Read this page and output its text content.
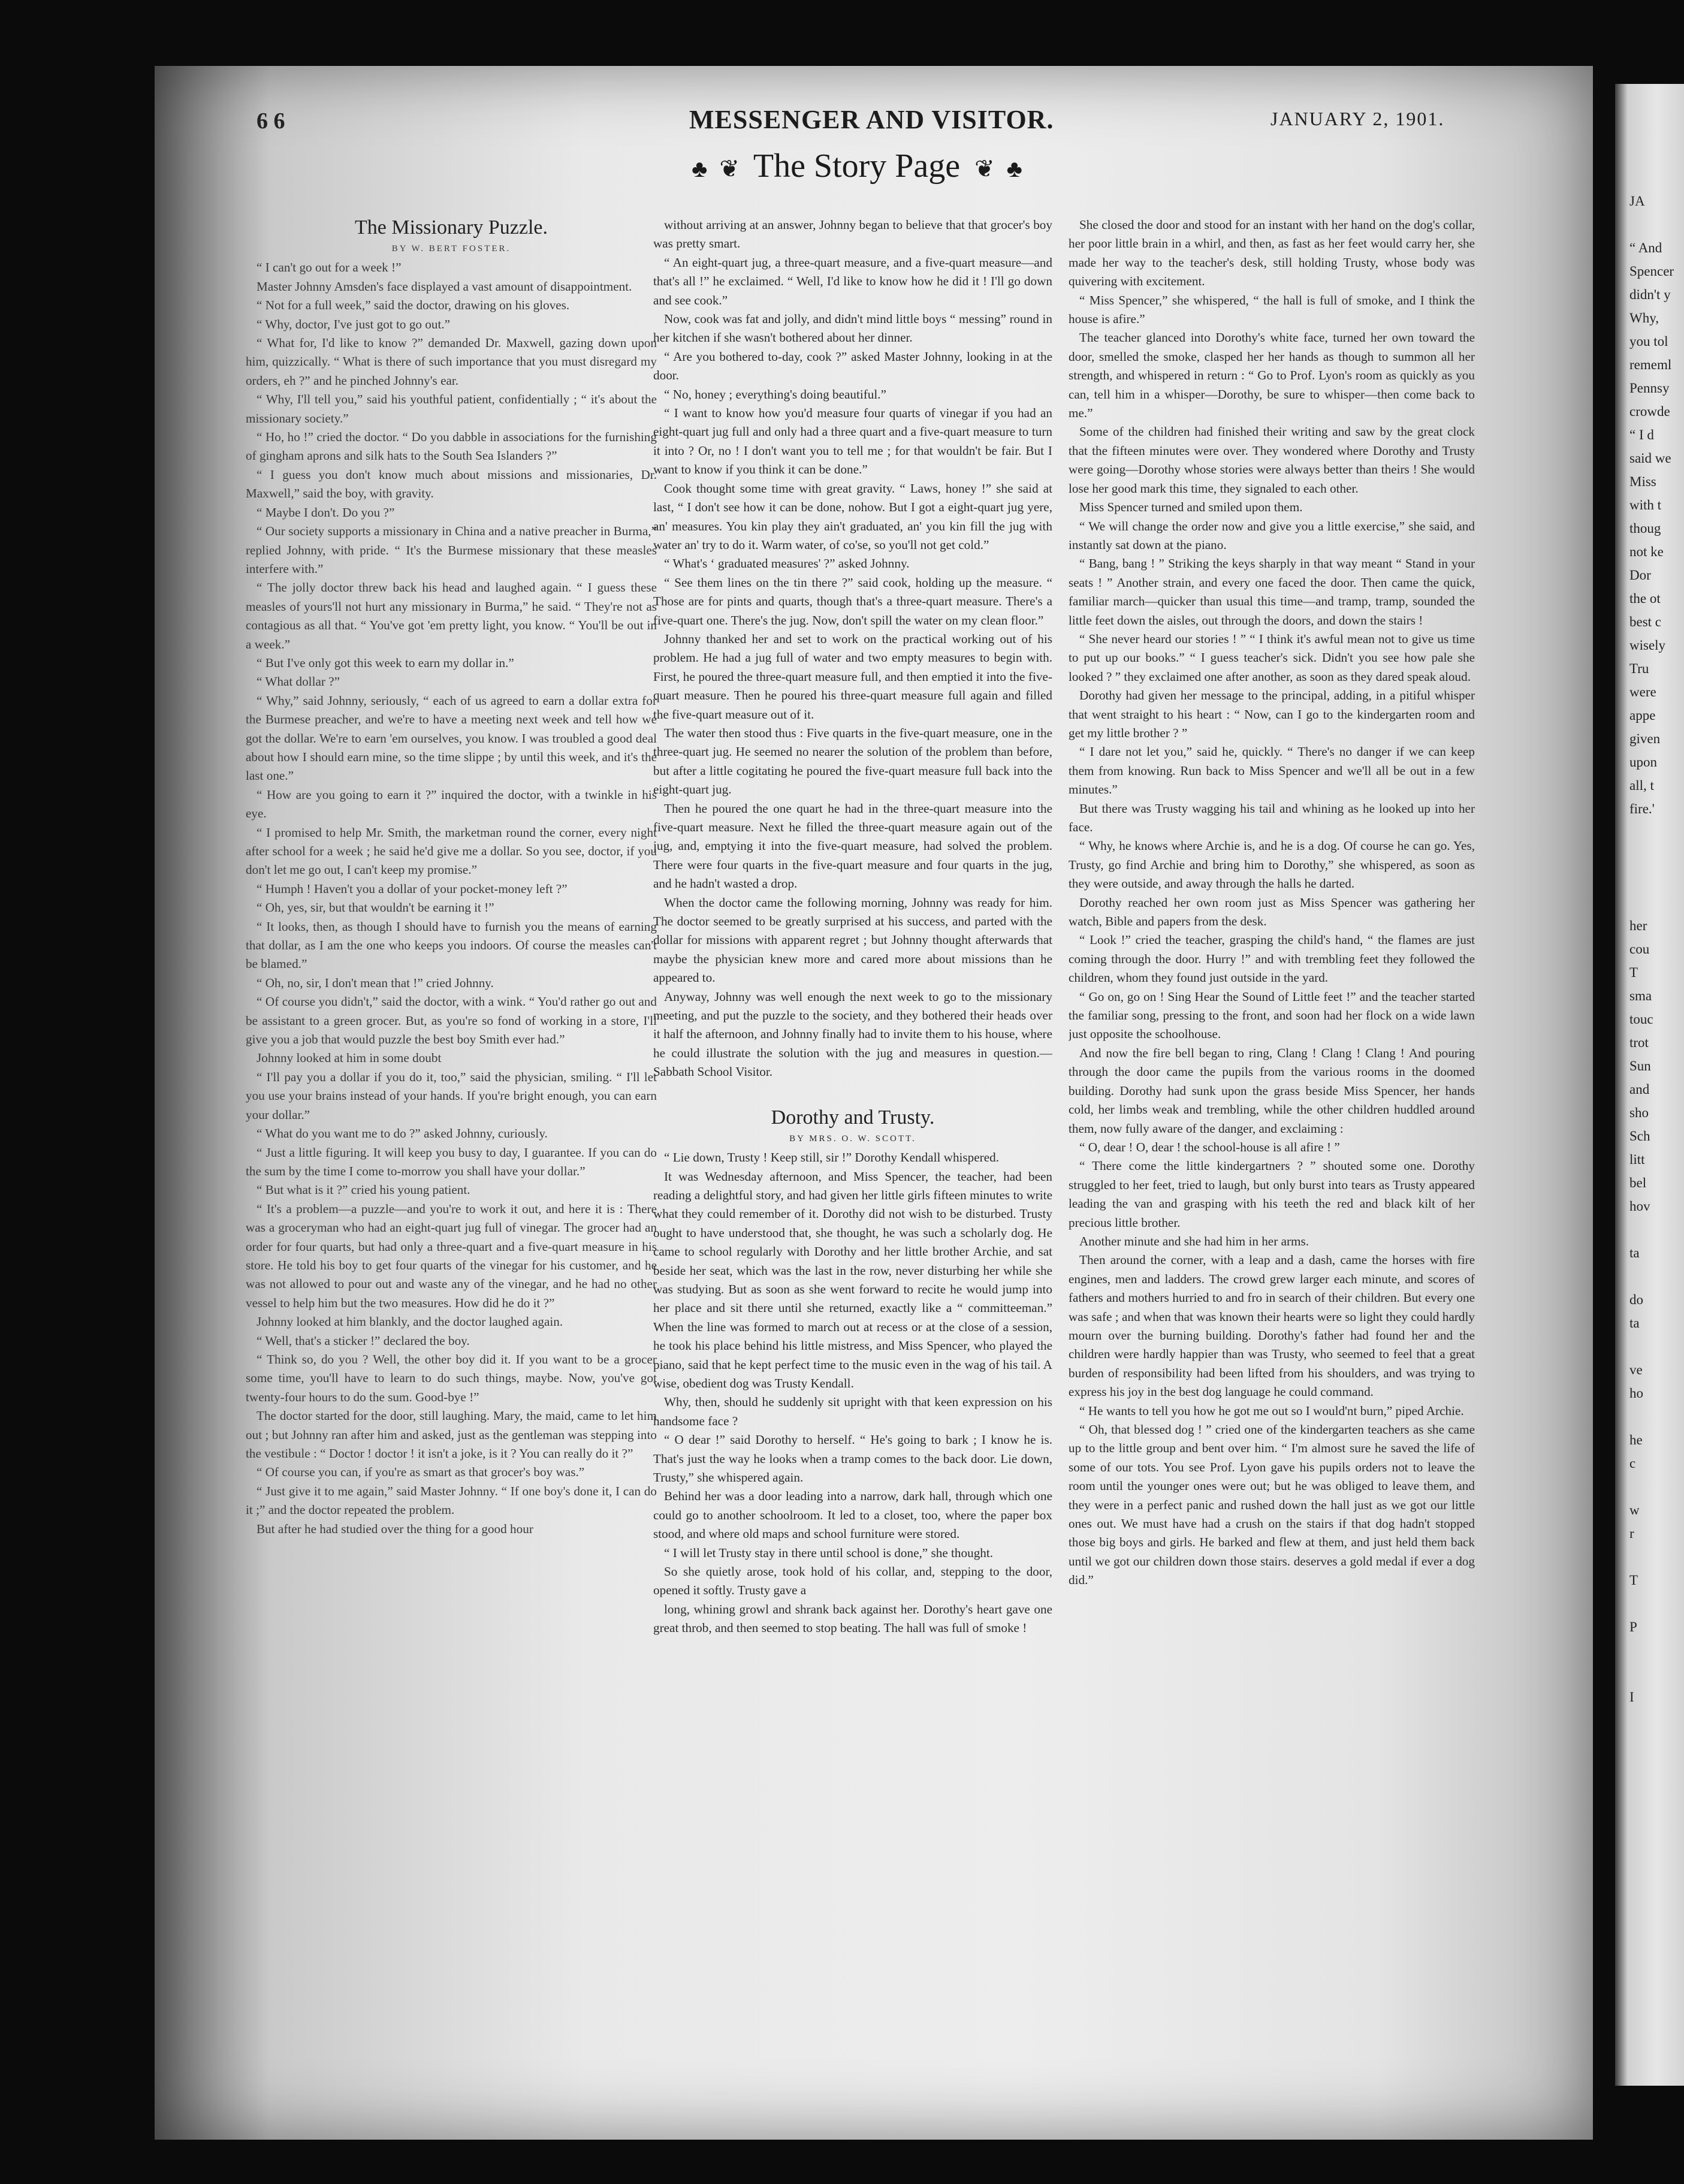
6 6	MESSENGER AND VISITOR.	JANUARY 2, 1901.
♣ ❦ The Story Page ❦ ♣

The Missionary Puzzle.

BY W. BERT FOSTER.

“ I can't go out for a week !”

Master Johnny Amsden's face displayed a vast amount of disappointment.

“ Not for a full week,” said the doctor, drawing on his gloves.

“ Why, doctor, I've just got to go out.”

“ What for, I'd like to know ?” demanded Dr. Maxwell, gazing down upon him, quizzically. “ What is there of such importance that you must disregard my orders, eh ?” and he pinched Johnny's ear.

“ Why, I'll tell you,” said his youthful patient, confidentially ; “ it's about the missionary society.”

“ Ho, ho !” cried the doctor. “ Do you dabble in associations for the furnishing of gingham aprons and silk hats to the South Sea Islanders ?”

“ I guess you don't know much about missions and missionaries, Dr. Maxwell,” said the boy, with gravity.

“ Maybe I don't. Do you ?”

“ Our society supports a missionary in China and a native preacher in Burma,” replied Johnny, with pride. “ It's the Burmese missionary that these measles interfere with.”

“ The jolly doctor threw back his head and laughed again. “ I guess these measles of yours'll not hurt any missionary in Burma,” he said. “ They're not as contagious as all that. “ You've got 'em pretty light, you know. “ You'll be out in a week.”

“ But I've only got this week to earn my dollar in.”

“ What dollar ?”

“ Why,” said Johnny, seriously, “ each of us agreed to earn a dollar extra for the Burmese preacher, and we're to have a meeting next week and tell how we got the dollar. We're to earn 'em ourselves, you know. I was troubled a good deal about how I should earn mine, so the time slippe ; by until this week, and it's the last one.”

“ How are you going to earn it ?” inquired the doctor, with a twinkle in his eye.

“ I promised to help Mr. Smith, the marketman round the corner, every night after school for a week ; he said he'd give me a dollar. So you see, doctor, if you don't let me go out, I can't keep my promise.”

“ Humph ! Haven't you a dollar of your pocket-money left ?”

“ Oh, yes, sir, but that wouldn't be earning it !”

“ It looks, then, as though I should have to furnish you the means of earning that dollar, as I am the one who keeps you indoors. Of course the measles can't be blamed.”

“ Oh, no, sir, I don't mean that !” cried Johnny.

“ Of course you didn't,” said the doctor, with a wink. “ You'd rather go out and be assistant to a green grocer. But, as you're so fond of working in a store, I'll give you a job that would puzzle the best boy Smith ever had.”

Johnny looked at him in some doubt

“ I'll pay you a dollar if you do it, too,” said the physician, smiling. “ I'll let you use your brains instead of your hands. If you're bright enough, you can earn your dollar.”

“ What do you want me to do ?” asked Johnny, curiously.

“ Just a little figuring. It will keep you busy to day, I guarantee. If you can do the sum by the time I come to-morrow you shall have your dollar.”

“ But what is it ?” cried his young patient.

“ It's a problem—a puzzle—and you're to work it out, and here it is : There was a groceryman who had an eight-quart jug full of vinegar. The grocer had an order for four quarts, but had only a three-quart and a five-quart measure in his store. He told his boy to get four quarts of the vinegar for his customer, and he was not allowed to pour out and waste any of the vinegar, and he had no other vessel to help him but the two measures. How did he do it ?”

Johnny looked at him blankly, and the doctor laughed again.

“ Well, that's a sticker !” declared the boy.

“ Think so, do you ? Well, the other boy did it. If you want to be a grocer some time, you'll have to learn to do such things, maybe. Now, you've got twenty-four hours to do the sum. Good-bye !”

The doctor started for the door, still laughing. Mary, the maid, came to let him out ; but Johnny ran after him and asked, just as the gentleman was stepping into the vestibule : “ Doctor ! doctor ! it isn't a joke, is it ? You can really do it ?”

“ Of course you can, if you're as smart as that grocer's boy was.”

“ Just give it to me again,” said Master Johnny. “ If one boy's done it, I can do it ;” and the doctor repeated the problem.

But after he had studied over the thing for a good hour

without arriving at an answer, Johnny began to believe that that grocer's boy was pretty smart.

“ An eight-quart jug, a three-quart measure, and a five-quart measure—and that's all !” he exclaimed. “ Well, I'd like to know how he did it ! I'll go down and see cook.”

Now, cook was fat and jolly, and didn't mind little boys “ messing” round in her kitchen if she wasn't bothered about her dinner.

“ Are you bothered to-day, cook ?” asked Master Johnny, looking in at the door.

“ No, honey ; everything's doing beautiful.”

“ I want to know how you'd measure four quarts of vinegar if you had an eight-quart jug full and only had a three quart and a five-quart measure to turn it into ? Or, no ! I don't want you to tell me ; for that wouldn't be fair. But I want to know if you think it can be done.”

Cook thought some time with great gravity. “ Laws, honey !” she said at last, “ I don't see how it can be done, nohow. But I got a eight-quart jug yere, an' measures. You kin play they ain't graduated, an' you kin fill the jug with water an' try to do it. Warm water, of co'se, so you'll not get cold.”

“ What's ‘ graduated measures' ?” asked Johnny.

“ See them lines on the tin there ?” said cook, holding up the measure. “ Those are for pints and quarts, though that's a three-quart measure. There's a five-quart one. There's the jug. Now, don't spill the water on my clean floor.”

Johnny thanked her and set to work on the practical working out of his problem. He had a jug full of water and two empty measures to begin with. First, he poured the three-quart measure full, and then emptied it into the five-quart measure. Then he poured his three-quart measure full again and filled the five-quart measure out of it.

The water then stood thus : Five quarts in the five-quart measure, one in the three-quart jug. He seemed no nearer the solution of the problem than before, but after a little cogitating he poured the five-quart measure full back into the eight-quart jug.

Then he poured the one quart he had in the three-quart measure into the five-quart measure. Next he filled the three-quart measure again out of the jug, and, emptying it into the five-quart measure, had solved the problem. There were four quarts in the five-quart measure and four quarts in the jug, and he hadn't wasted a drop.

When the doctor came the following morning, Johnny was ready for him. The doctor seemed to be greatly surprised at his success, and parted with the dollar for missions with apparent regret ; but Johnny thought afterwards that maybe the physician knew more and cared more about missions than he appeared to.

Anyway, Johnny was well enough the next week to go to the missionary meeting, and put the puzzle to the society, and they bothered their heads over it half the afternoon, and Johnny finally had to invite them to his house, where he could illustrate the solution with the jug and measures in question.—Sabbath School Visitor.

Dorothy and Trusty.

BY MRS. O. W. SCOTT.

“ Lie down, Trusty ! Keep still, sir !” Dorothy Kendall whispered.

It was Wednesday afternoon, and Miss Spencer, the teacher, had been reading a delightful story, and had given her little girls fifteen minutes to write what they could remember of it. Dorothy did not wish to be disturbed. Trusty ought to have understood that, she thought, he was such a scholarly dog. He came to school regularly with Dorothy and her little brother Archie, and sat beside her seat, which was the last in the row, never disturbing her while she was studying. But as soon as she went forward to recite he would jump into her place and sit there until she returned, exactly like a “ committeeman.” When the line was formed to march out at recess or at the close of a session, he took his place behind his little mistress, and Miss Spencer, who played the piano, said that he kept perfect time to the music even in the wag of his tail. A wise, obedient dog was Trusty Kendall.

Why, then, should he suddenly sit upright with that keen expression on his handsome face ?

“ O dear !” said Dorothy to herself. “ He's going to bark ; I know he is. That's just the way he looks when a tramp comes to the back door. Lie down, Trusty,” she whispered again.

Behind her was a door leading into a narrow, dark hall, through which one could go to another schoolroom. It led to a closet, too, where the paper box stood, and where old maps and school furniture were stored.

“ I will let Trusty stay in there until school is done,” she thought.

So she quietly arose, took hold of his collar, and, stepping to the door, opened it softly. Trusty gave a

long, whining growl and shrank back against her. Dorothy's heart gave one great throb, and then seemed to stop beating. The hall was full of smoke !

She closed the door and stood for an instant with her hand on the dog's collar, her poor little brain in a whirl, and then, as fast as her feet would carry her, she made her way to the teacher's desk, still holding Trusty, whose body was quivering with excitement.

“ Miss Spencer,” she whispered, “ the hall is full of smoke, and I think the house is afire.”

The teacher glanced into Dorothy's white face, turned her own toward the door, smelled the smoke, clasped her her hands as though to summon all her strength, and whispered in return : “ Go to Prof. Lyon's room as quickly as you can, tell him in a whisper—Dorothy, be sure to whisper—then come back to me.”

Some of the children had finished their writing and saw by the great clock that the fifteen minutes were over. They wondered where Dorothy and Trusty were going—Dorothy whose stories were always better than theirs ! She would lose her good mark this time, they signaled to each other.

Miss Spencer turned and smiled upon them.

“ We will change the order now and give you a little exercise,” she said, and instantly sat down at the piano.

“ Bang, bang ! ” Striking the keys sharply in that way meant “ Stand in your seats ! ” Another strain, and every one faced the door. Then came the quick, familiar march—quicker than usual this time—and tramp, tramp, sounded the little feet down the aisles, out through the doors, and down the stairs !

“ She never heard our stories ! ” “ I think it's awful mean not to give us time to put up our books.” “ I guess teacher's sick. Didn't you see how pale she looked ? ” they exclaimed one after another, as soon as they dared speak aloud.

Dorothy had given her message to the principal, adding, in a pitiful whisper that went straight to his heart : “ Now, can I go to the kindergarten room and get my little brother ? ”

“ I dare not let you,” said he, quickly. “ There's no danger if we can keep them from knowing. Run back to Miss Spencer and we'll all be out in a few minutes.”

But there was Trusty wagging his tail and whining as he looked up into her face.

“ Why, he knows where Archie is, and he is a dog. Of course he can go. Yes, Trusty, go find Archie and bring him to Dorothy,” she whispered, as soon as they were outside, and away through the halls he darted.

Dorothy reached her own room just as Miss Spencer was gathering her watch, Bible and papers from the desk.

“ Look !” cried the teacher, grasping the child's hand, “ the flames are just coming through the door. Hurry !” and with trembling feet they followed the children, whom they found just outside in the yard.

“ Go on, go on ! Sing Hear the Sound of Little feet !” and the teacher started the familiar song, pressing to the front, and soon had her flock on a wide lawn just opposite the schoolhouse.

And now the fire bell began to ring, Clang ! Clang ! Clang ! And pouring through the door came the pupils from the various rooms in the doomed building. Dorothy had sunk upon the grass beside Miss Spencer, her hands cold, her limbs weak and trembling, while the other children huddled around them, now fully aware of the danger, and exclaiming :

“ O, dear ! O, dear ! the school-house is all afire ! ”

“ There come the little kindergartners ? ” shouted some one. Dorothy struggled to her feet, tried to laugh, but only burst into tears as Trusty appeared leading the van and grasping with his teeth the red and black kilt of her precious little brother.

Another minute and she had him in her arms.

Then around the corner, with a leap and a dash, came the horses with fire engines, men and ladders. The crowd grew larger each minute, and scores of fathers and mothers hurried to and fro in search of their children. But every one was safe ; and when that was known their hearts were so light they could hardly mourn over the burning building. Dorothy's father had found her and the children were hardly happier than was Trusty, who seemed to feel that a great burden of responsibility had been lifted from his shoulders, and was trying to express his joy in the best dog language he could command.

“ He wants to tell you how he got me out so I would'nt burn,” piped Archie.

“ Oh, that blessed dog ! ” cried one of the kindergarten teachers as she came up to the little group and bent over him. “ I'm almost sure he saved the life of some of our tots. You see Prof. Lyon gave his pupils orders not to leave the room until the younger ones were out; but he was obliged to leave them, and they were in a perfect panic and rushed down the hall just as we got our little ones out. We must have had a crush on the stairs if that dog hadn't stopped those big boys and girls. He barked and flew at them, and just held them back until we got our children down those stairs. deserves a gold medal if ever a dog did.”

JA
“ And
Spencer
didn't y
Why,
you tol
rememl
Pennsy
crowde
“ I d
said we
Miss
with t
thoug
not ke
Dor
the ot
best c
wisely
Tru
were
appe
given
upon
all, t
fire.'
her
cou
T
sma
touc
trot
Sun
and
sho
Sch
litt
bel
hov
ta
do
ta
ve
ho
he
c
w
r
T
P
I
